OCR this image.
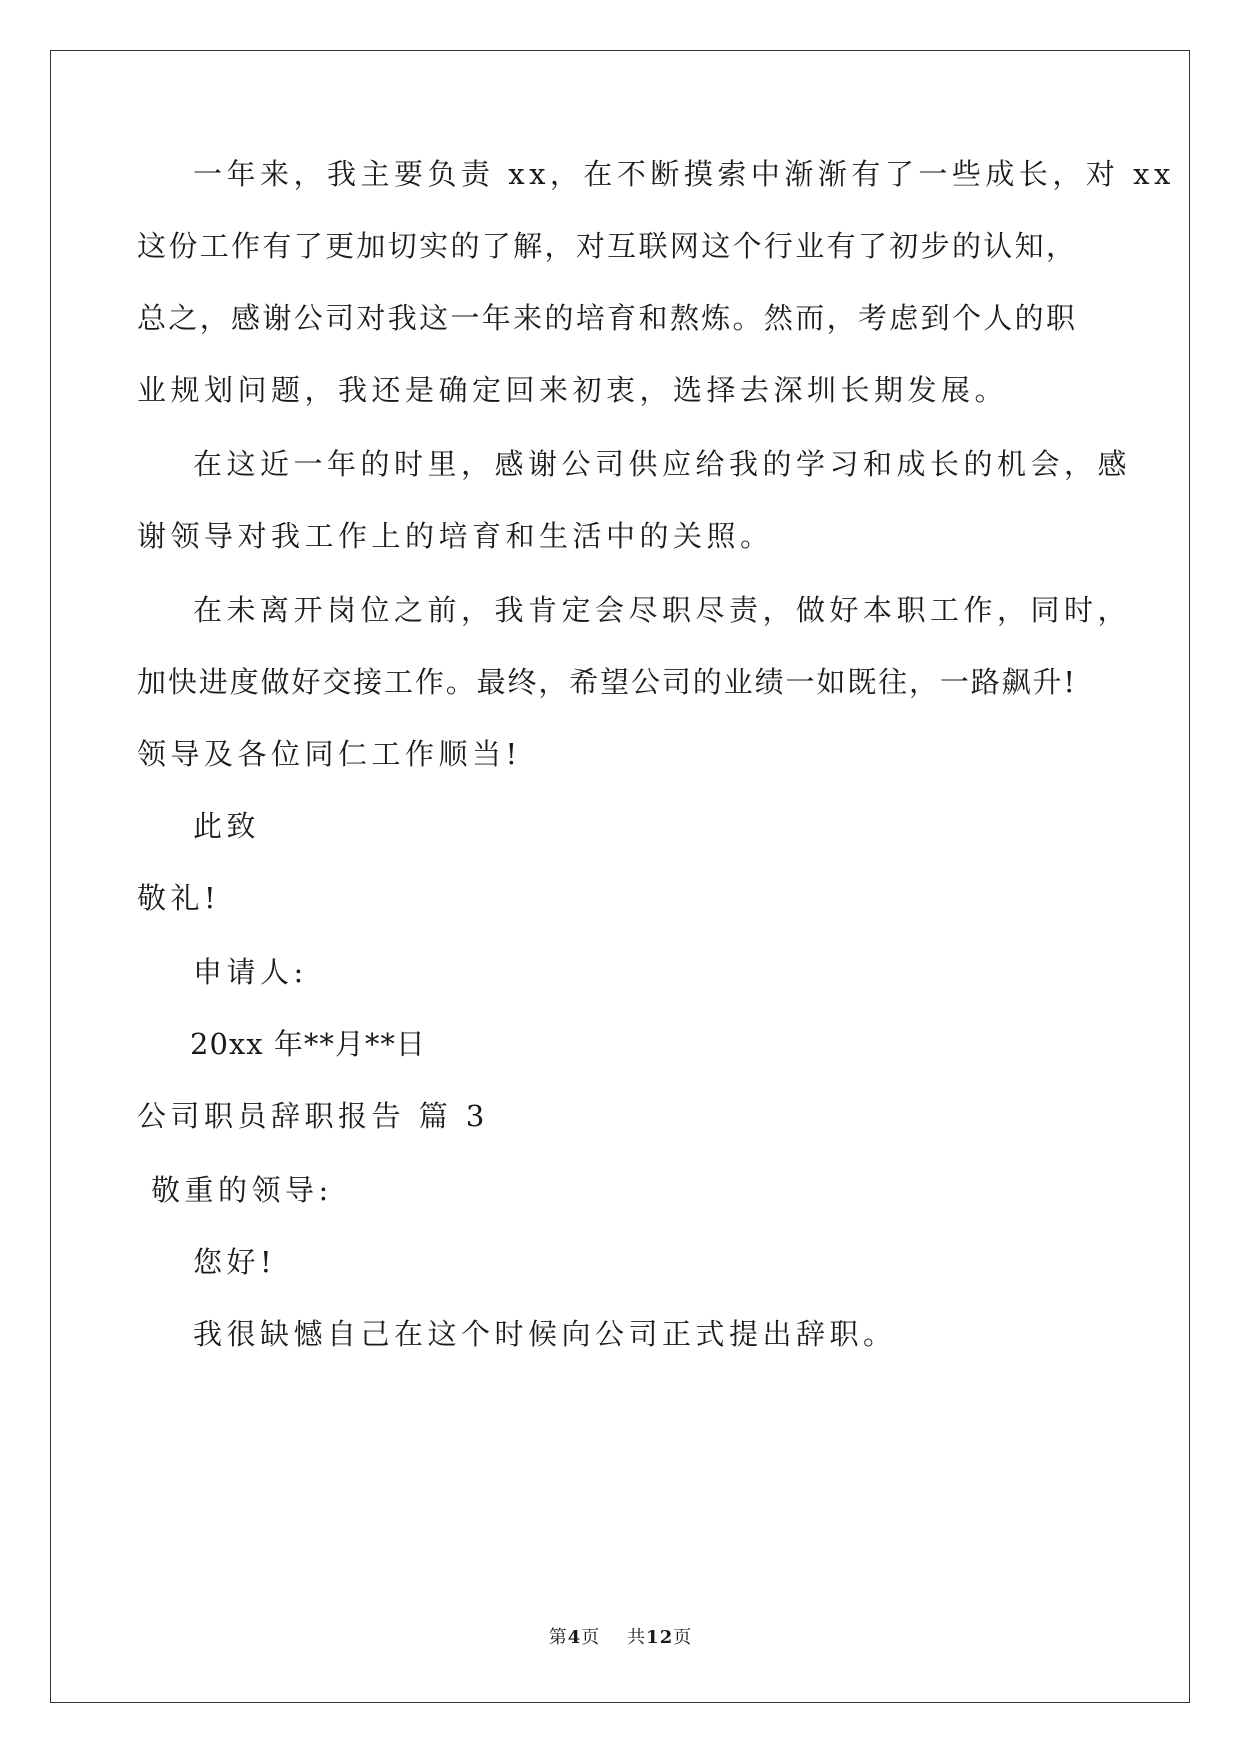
一年来，我主要负责 xx，在不断摸索中渐渐有了一些成长，对 xx
这份工作有了更加切实的了解，对互联网这个行业有了初步的认知，
总之，感谢公司对我这一年来的培育和熬炼。然而，考虑到个人的职
业规划问题，我还是确定回来初衷，选择去深圳长期发展。
在这近一年的时里，感谢公司供应给我的学习和成长的机会，感
谢领导对我工作上的培育和生活中的关照。
在未离开岗位之前，我肯定会尽职尽责，做好本职工作，同时，
加快进度做好交接工作。最终，希望公司的业绩一如既往，一路飙升!
领导及各位同仁工作顺当!
此致
敬礼!
申请人:
20xx 年**月**日
公司职员辞职报告 篇 3
敬重的领导:
您好!
我很缺憾自己在这个时候向公司正式提出辞职。
第4页 共12页
